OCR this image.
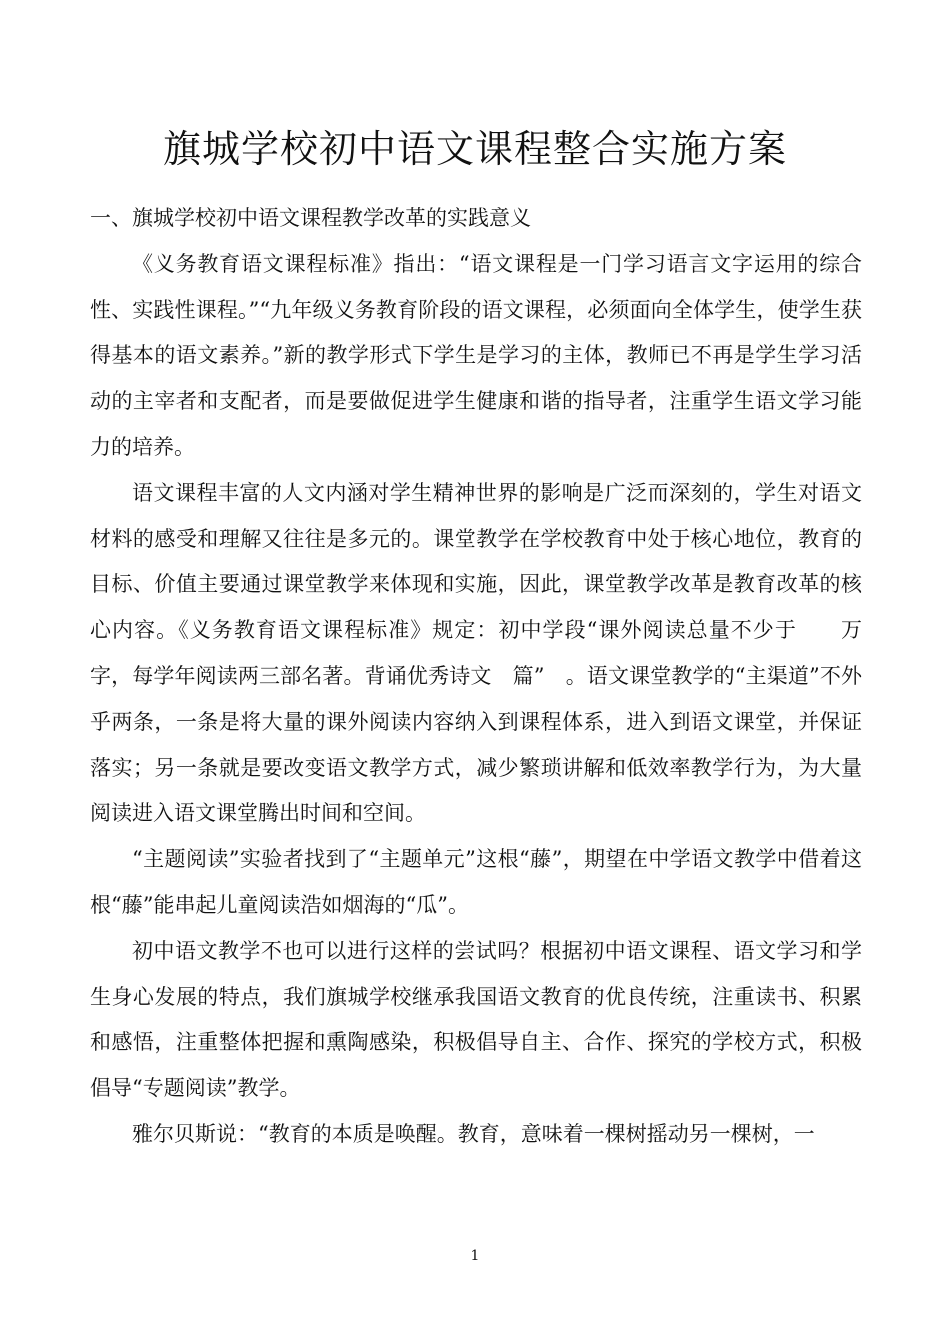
旗城学校初中语文课程整合实施方案

一、旗城学校初中语文课程教学改革的实践意义

《义务教育语文课程标准》指出：“语文课程是一门学习语言文字运用的综合性、实践性课程。”“九年级义务教育阶段的语文课程，必须面向全体学生，使学生获得基本的语文素养。”新的教学形式下学生是学习的主体，教师已不再是学生学习活动的主宰者和支配者，而是要做促进学生健康和谐的指导者，注重学生语文学习能力的培养。

语文课程丰富的人文内涵对学生精神世界的影响是广泛而深刻的，学生对语文材料的感受和理解又往往是多元的。课堂教学在学校教育中处于核心地位，教育的目标、价值主要通过课堂教学来体现和实施，因此，课堂教学改革是教育改革的核心内容。《义务教育语文课程标准》规定：初中学段“课外阅读总量不少于　　万字，每学年阅读两三部名著。背诵优秀诗文　篇”　。语文课堂教学的“主渠道”不外乎两条，一条是将大量的课外阅读内容纳入到课程体系，进入到语文课堂，并保证落实；另一条就是要改变语文教学方式，减少繁琐讲解和低效率教学行为，为大量阅读进入语文课堂腾出时间和空间。

“主题阅读”实验者找到了“主题单元”这根“藤”，期望在中学语文教学中借着这根“藤”能串起儿童阅读浩如烟海的“瓜”。

初中语文教学不也可以进行这样的尝试吗？根据初中语文课程、语文学习和学生身心发展的特点，我们旗城学校继承我国语文教育的优良传统，注重读书、积累和感悟，注重整体把握和熏陶感染，积极倡导自主、合作、探究的学校方式，积极倡导“专题阅读”教学。

雅尔贝斯说：“教育的本质是唤醒。教育，意味着一棵树摇动另一棵树，一

1
